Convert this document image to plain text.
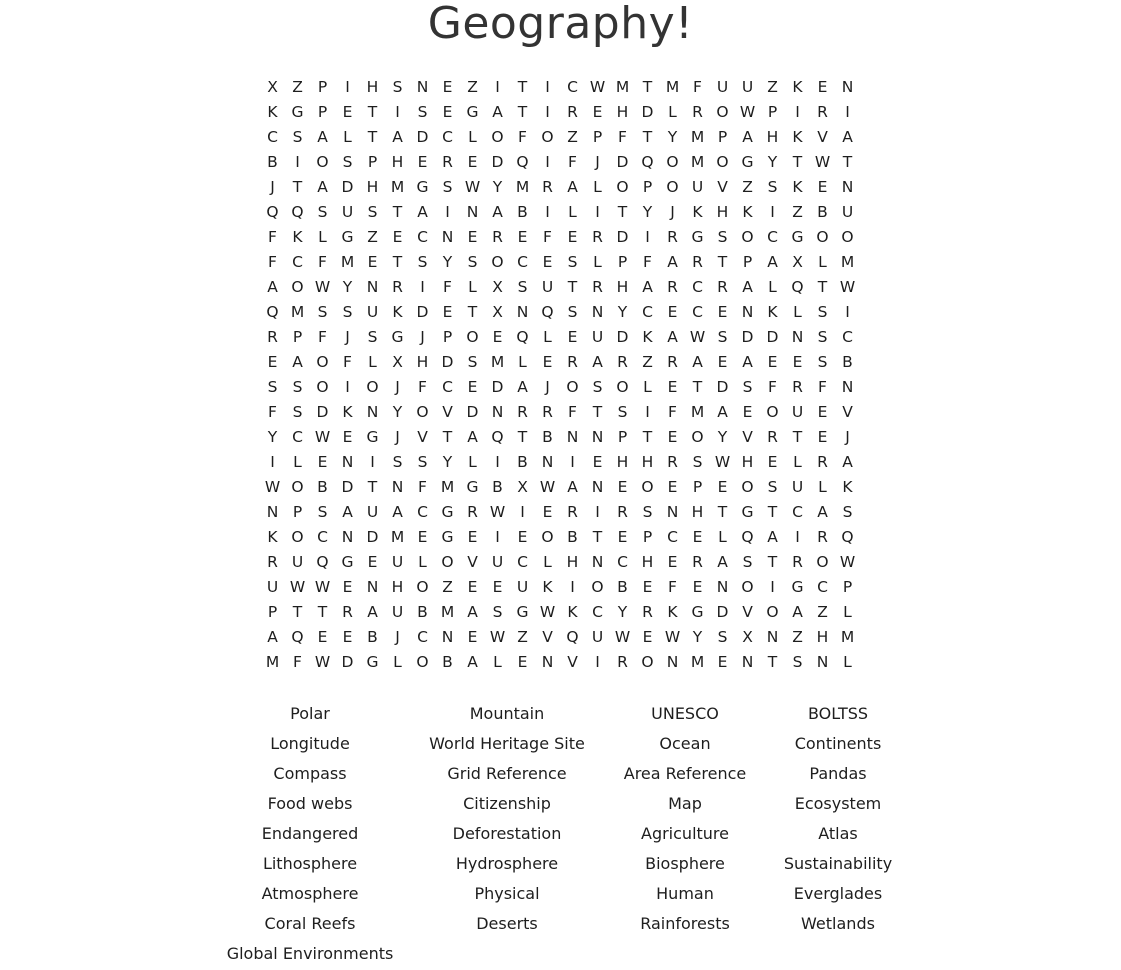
Geography!
X Z P	I	H S N E Z	I	T	I	C W M T M F U U Z K E N
K G P E T	I	S E G A T	I	R E H D L R O W P	I	R	I
C S A L	T A D C L O F O Z P	F	T	Y M P A H K V A
B	I	O S P H E R E D Q	I	F	J	D Q O M O G Y	T W T
J	T A D H M G S W Y M R A L O P O U V Z S K E N
Q Q S U S T A	I	N A B	I	L	I	T	Y	J	K H K	I	Z B U
F K	L G Z E C N E R E	F	E R D	I	R G S O C G O O
F C F M E T S Y S O C E S	L	P	F A R T	P A X L M
A O W Y N R	I	F	L X S U T R H A R C R A L Q T W
Q M S S U K D E T X N Q S N Y C E C E N K	L	S	I
R P	F	J	S G	J	P O E Q L	E U D K A W S D D N S C
E A O F	L X H D S M L	E R A R Z R A E A E E S B
S S O	I	O	J	F C E D A	J	O S O L	E T D S	F R F N
F	S D K N Y O V D N R R F	T S	I	F M A E O U E V
Y C W E G	J	V T A Q T B N N P	T E O Y V R T E	J
I	L	E N	I	S S Y	L	I	B N	I	E H H R S W H E	L R A
W O B D T N F M G B X W A N E O E P E O S U L	K
N P S A U A C G R W I	E R	I	R S N H T G T C A S
K O C N D M E G E	I	E O B T E P C E	L Q A	I	R Q
R U Q G E U L O V U C L H N C H E R A S T R O W
U W W E N H O Z E E U K	I	O B E	F	E N O	I	G C P
P	T	T R A U B M A S G W K C Y R K G D V O A Z L
A Q E E B	J	C N E W Z V Q U W E W Y S X N Z H M
M F W D G L O B A L	E N V	I	R O N M E N T S N L
Polar
Longitude
Compass
Food webs
Endangered
Lithosphere
Atmosphere
Coral Reefs
Global Environments
Mountain
World Heritage Site
Grid Reference
Citizenship
Deforestation
Hydrosphere
Physical
Deserts
UNESCO
Ocean
Area Reference
Map
Agriculture
Biosphere
Human
Rainforests
BOLTSS
Continents
Pandas
Ecosystem
Atlas
Sustainability
Everglades
Wetlands
